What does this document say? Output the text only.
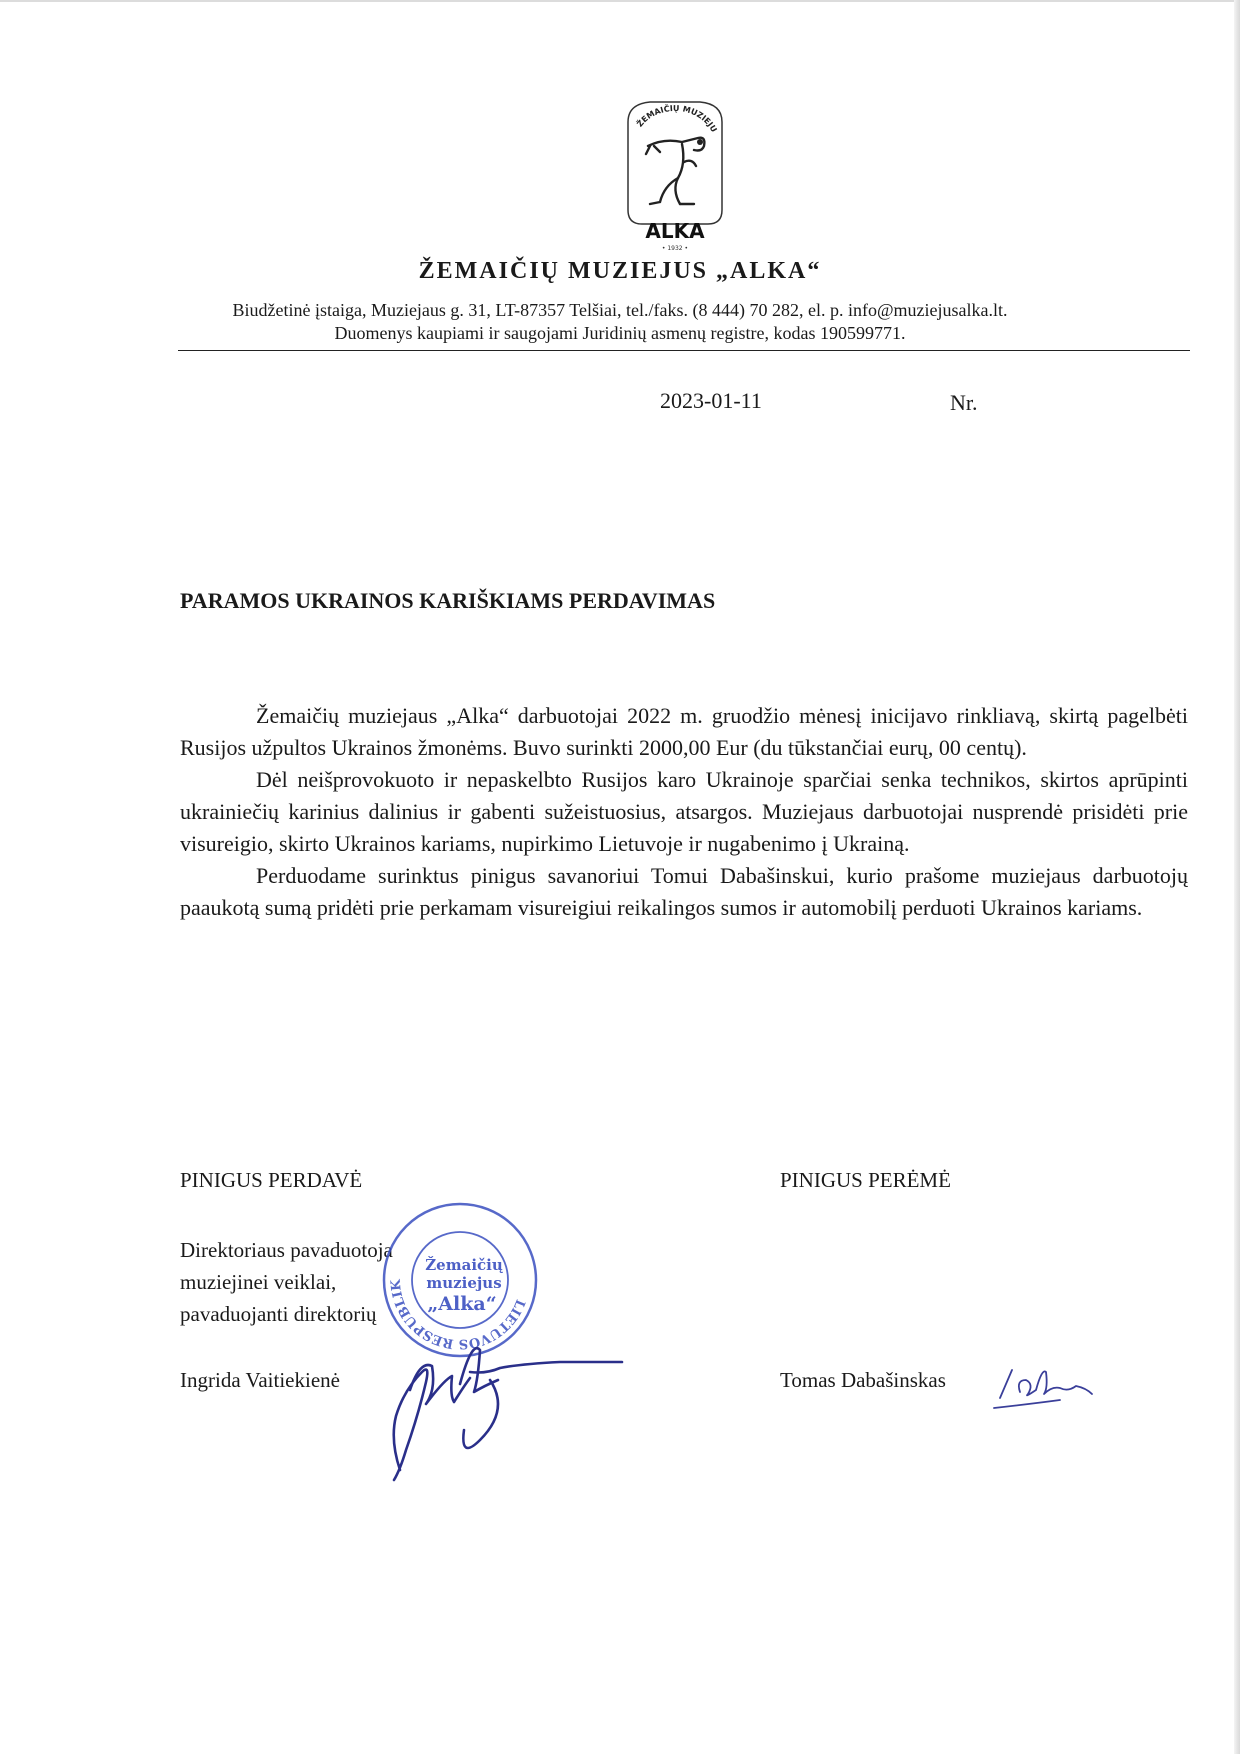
ŽEMAIČIŲ MUZIEJU
ALKA
• 1932 •
ŽEMAIČIŲ MUZIEJUS „ALKA“
Biudžetinė įstaiga, Muziejaus g. 31, LT-87357 Telšiai, tel./faks. (8 444) 70 282, el. p. info@muziejusalka.lt.
Duomenys kaupiami ir saugojami Juridinių asmenų registre, kodas 190599771.
2023-01-11	Nr.
PARAMOS UKRAINOS KARIŠKIAMS PERDAVIMAS

Žemaičių muziejaus „Alka“ darbuotojai 2022 m. gruodžio mėnesį inicijavo rinkliavą, skirtą pagelbėti Rusijos užpultos Ukrainos žmonėms. Buvo surinkti 2000,00 Eur (du tūkstančiai eurų, 00 centų).

Dėl neišprovokuoto ir nepaskelbto Rusijos karo Ukrainoje sparčiai senka technikos, skirtos aprūpinti ukrainiečių karinius dalinius ir gabenti sužeistuosius, atsargos. Muziejaus darbuotojai nusprendė prisidėti prie visureigio, skirto Ukrainos kariams, nupirkimo Lietuvoje ir nugabenimo į Ukrainą.

Perduodame surinktus pinigus savanoriui Tomui Dabašinskui, kurio prašome muziejaus darbuotojų paaukotą sumą pridėti prie perkamam visureigiui reikalingos sumos ir automobilį perduoti Ukrainos kariams.

PINIGUS PERDAVĖ	PINIGUS PERĖMĖ
Direktoriaus pavaduotoja
muziejinei veiklai,
pavaduojanti direktorių
Ingrida Vaitiekienė	Tomas Dabašinskas
LIETUVOS RESPUBLIK
Žemaičių
muziejus
„Alka“
